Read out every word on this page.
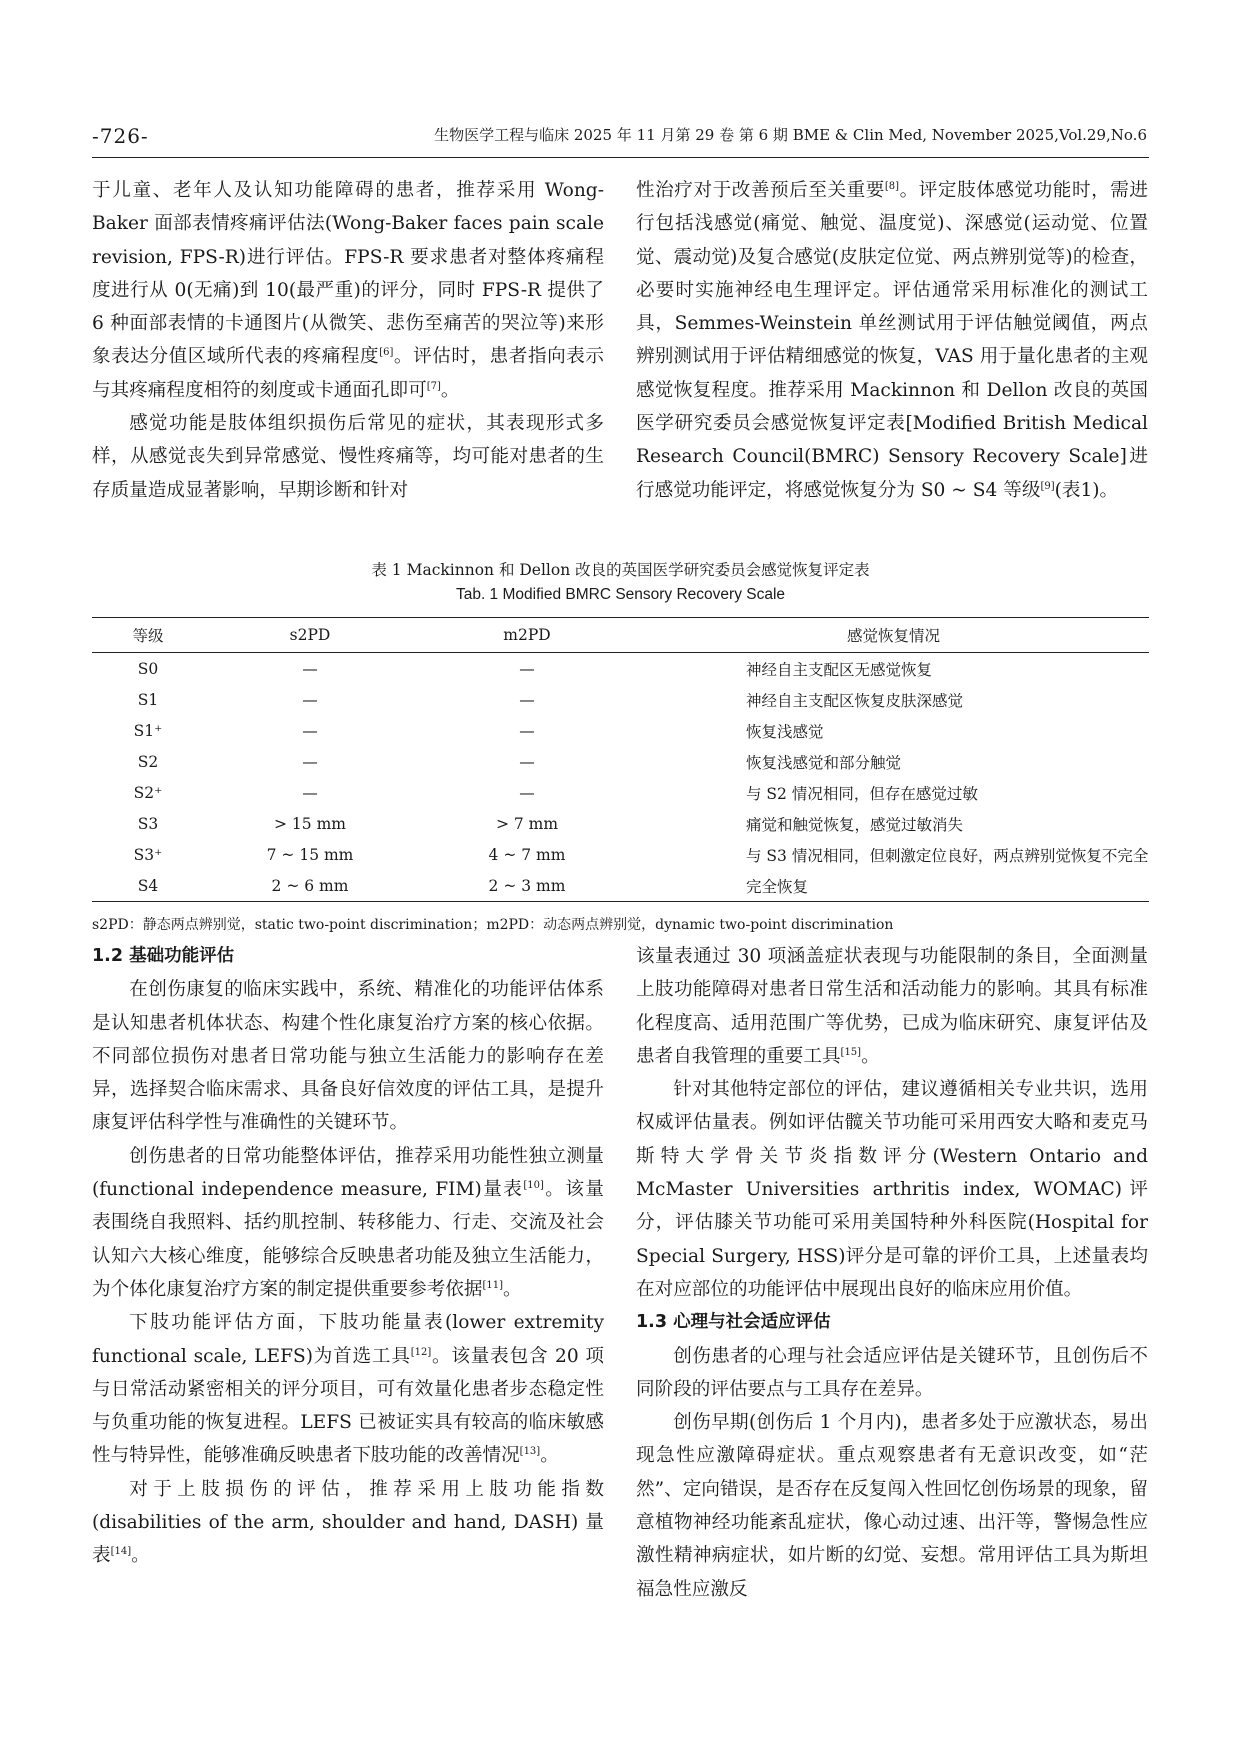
-726-	生物医学工程与临床 2025 年 11 月第 29 卷 第 6 期 BME & Clin Med, November 2025,Vol.29,No.6

于儿童、老年人及认知功能障碍的患者，推荐采用 Wong-Baker 面部表情疼痛评估法(Wong-Baker faces pain scale revision, FPS-R)进行评估。FPS-R 要求患者对整体疼痛程度进行从 0(无痛)到 10(最严重)的评分，同时 FPS-R 提供了 6 种面部表情的卡通图片(从微笑、悲伤至痛苦的哭泣等)来形象表达分值区域所代表的疼痛程度[6]。评估时，患者指向表示与其疼痛程度相符的刻度或卡通面孔即可[7]。

感觉功能是肢体组织损伤后常见的症状，其表现形式多样，从感觉丧失到异常感觉、慢性疼痛等，均可能对患者的生存质量造成显著影响，早期诊断和针对

性治疗对于改善预后至关重要[8]。评定肢体感觉功能时，需进行包括浅感觉(痛觉、触觉、温度觉)、深感觉(运动觉、位置觉、震动觉)及复合感觉(皮肤定位觉、两点辨别觉等)的检查，必要时实施神经电生理评定。评估通常采用标准化的测试工具，Semmes-Weinstein 单丝测试用于评估触觉阈值，两点辨别测试用于评估精细感觉的恢复，VAS 用于量化患者的主观感觉恢复程度。推荐采用 Mackinnon 和 Dellon 改良的英国医学研究委员会感觉恢复评定表[Modified British Medical Research Council(BMRC) Sensory Recovery Scale]进行感觉功能评定，将感觉恢复分为 S0 ~ S4 等级[9](表1)。

表 1 Mackinnon 和 Dellon 改良的英国医学研究委员会感觉恢复评定表
Tab. 1 Modified BMRC Sensory Recovery Scale
等级	s2PD	m2PD	感觉恢复情况
S0	—	—	神经自主支配区无感觉恢复
S1	—	—	神经自主支配区恢复皮肤深感觉
S1⁺	—	—	恢复浅感觉
S2	—	—	恢复浅感觉和部分触觉
S2⁺	—	—	与 S2 情况相同，但存在感觉过敏
S3	> 15 mm	> 7 mm	痛觉和触觉恢复，感觉过敏消失
S3⁺	7 ~ 15 mm	4 ~ 7 mm	与 S3 情况相同，但刺激定位良好，两点辨别觉恢复不完全
S4	2 ~ 6 mm	2 ~ 3 mm	完全恢复
s2PD：静态两点辨别觉，static two-point discrimination；m2PD：动态两点辨别觉，dynamic two-point discrimination

1.2 基础功能评估

在创伤康复的临床实践中，系统、精准化的功能评估体系是认知患者机体状态、构建个性化康复治疗方案的核心依据。不同部位损伤对患者日常功能与独立生活能力的影响存在差异，选择契合临床需求、具备良好信效度的评估工具，是提升康复评估科学性与准确性的关键环节。

创伤患者的日常功能整体评估，推荐采用功能性独立测量(functional independence measure, FIM)量表[10]。该量表围绕自我照料、括约肌控制、转移能力、行走、交流及社会认知六大核心维度，能够综合反映患者功能及独立生活能力，为个体化康复治疗方案的制定提供重要参考依据[11]。

下肢功能评估方面，下肢功能量表(lower extremity functional scale, LEFS)为首选工具[12]。该量表包含 20 项与日常活动紧密相关的评分项目，可有效量化患者步态稳定性与负重功能的恢复进程。LEFS 已被证实具有较高的临床敏感性与特异性，能够准确反映患者下肢功能的改善情况[13]。

对于上肢损伤的评估，推荐采用上肢功能指数(disabilities of the arm, shoulder and hand, DASH) 量表[14]。

该量表通过 30 项涵盖症状表现与功能限制的条目，全面测量上肢功能障碍对患者日常生活和活动能力的影响。其具有标准化程度高、适用范围广等优势，已成为临床研究、康复评估及患者自我管理的重要工具[15]。

针对其他特定部位的评估，建议遵循相关专业共识，选用权威评估量表。例如评估髋关节功能可采用西安大略和麦克马斯特大学骨关节炎指数评分(Western Ontario and McMaster Universities arthritis index, WOMAC)评分，评估膝关节功能可采用美国特种外科医院(Hospital for Special Surgery, HSS)评分是可靠的评价工具，上述量表均在对应部位的功能评估中展现出良好的临床应用价值。

1.3 心理与社会适应评估

创伤患者的心理与社会适应评估是关键环节，且创伤后不同阶段的评估要点与工具存在差异。

创伤早期(创伤后 1 个月内)，患者多处于应激状态，易出现急性应激障碍症状。重点观察患者有无意识改变，如“茫然”、定向错误，是否存在反复闯入性回忆创伤场景的现象，留意植物神经功能紊乱症状，像心动过速、出汗等，警惕急性应激性精神病症状，如片断的幻觉、妄想。常用评估工具为斯坦福急性应激反
